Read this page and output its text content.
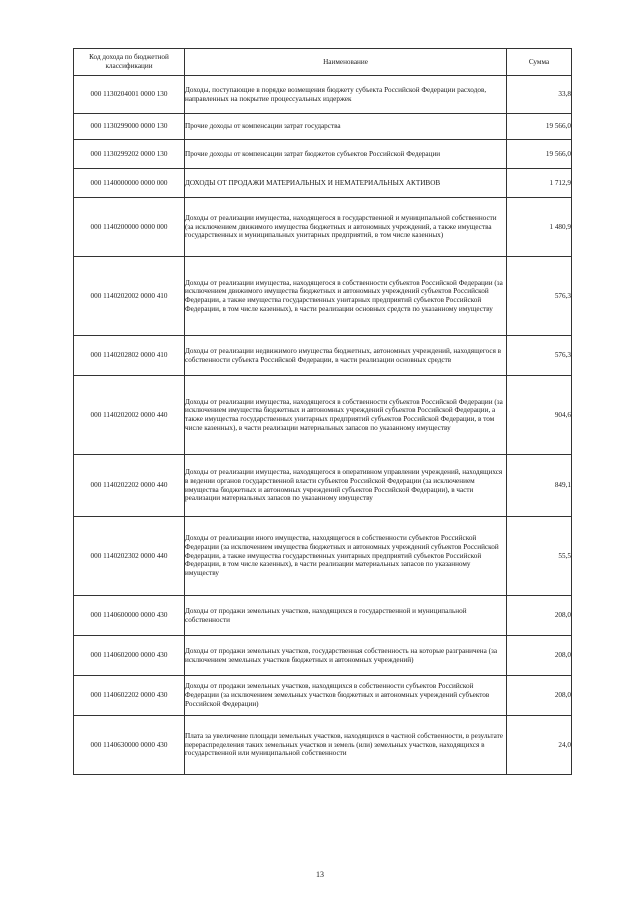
Код дохода по бюджетной классификации	Наименование	Сумма
000 1130204001 0000 130	Доходы, поступающие в порядке возмещения бюджету субъекта Российской Федерации расходов, направленных на покрытие процессуальных издержек	33,8
000 1130299000 0000 130	Прочие доходы от компенсации затрат государства	19 566,0
000 1130299202 0000 130	Прочие доходы от компенсации затрат бюджетов субъектов Российской Федерации	19 566,0
000 1140000000 0000 000	ДОХОДЫ ОТ ПРОДАЖИ МАТЕРИАЛЬНЫХ И НЕМАТЕРИАЛЬНЫХ АКТИВОВ	1 712,9
000 1140200000 0000 000	Доходы от реализации имущества, находящегося в государственной и муниципальной собственности (за исключением движимого имущества бюджетных и автономных учреждений, а также имущества государственных и муниципальных унитарных предприятий, в том числе казенных)	1 480,9
000 1140202002 0000 410	Доходы от реализации имущества, находящегося в собственности субъектов Российской Федерации (за исключением движимого имущества бюджетных и автономных учреждений субъектов Российской Федерации, а также имущества государственных унитарных предприятий субъектов Российской Федерации, в том числе казенных), в части реализации основных средств по указанному имуществу	576,3
000 1140202802 0000 410	Доходы от реализации недвижимого имущества бюджетных, автономных учреждений, находящегося в собственности субъекта Российской Федерации, в части реализации основных средств	576,3
000 1140202002 0000 440	Доходы от реализации имущества, находящегося в собственности субъектов Российской Федерации (за исключением имущества бюджетных и автономных учреждений субъектов Российской Федерации, а также имущества государственных унитарных предприятий субъектов Российской Федерации, в том числе казенных), в части реализации материальных запасов по указанному имуществу	904,6
000 1140202202 0000 440	Доходы от реализации имущества, находящегося в оперативном управлении учреждений, находящихся в ведении органов государственной власти субъектов Российской Федерации (за исключением имущества бюджетных и автономных учреждений субъектов Российской Федерации), в части реализации материальных запасов по указанному имуществу	849,1
000 1140202302 0000 440	Доходы от реализации иного имущества, находящегося в собственности субъектов Российской Федерации (за исключением имущества бюджетных и автономных учреждений субъектов Российской Федерации, а также имущества государственных унитарных предприятий субъектов Российской Федерации, в том числе казенных), в части реализации материальных запасов по указанному имуществу	55,5
000 1140600000 0000 430	Доходы от продажи земельных участков, находящихся в государственной и муниципальной собственности	208,0
000 1140602000 0000 430	Доходы от продажи земельных участков, государственная собственность на которые разграничена (за исключением земельных участков бюджетных и автономных учреждений)	208,0
000 1140602202 0000 430	Доходы от продажи земельных участков, находящихся в собственности субъектов Российской Федерации (за исключением земельных участков бюджетных и автономных учреждений субъектов Российской Федерации)	208,0
000 1140630000 0000 430	Плата за увеличение площади земельных участков, находящихся в частной собственности, в результате перераспределения таких земельных участков и земель (или) земельных участков, находящихся в государственной или муниципальной собственности	24,0
13
